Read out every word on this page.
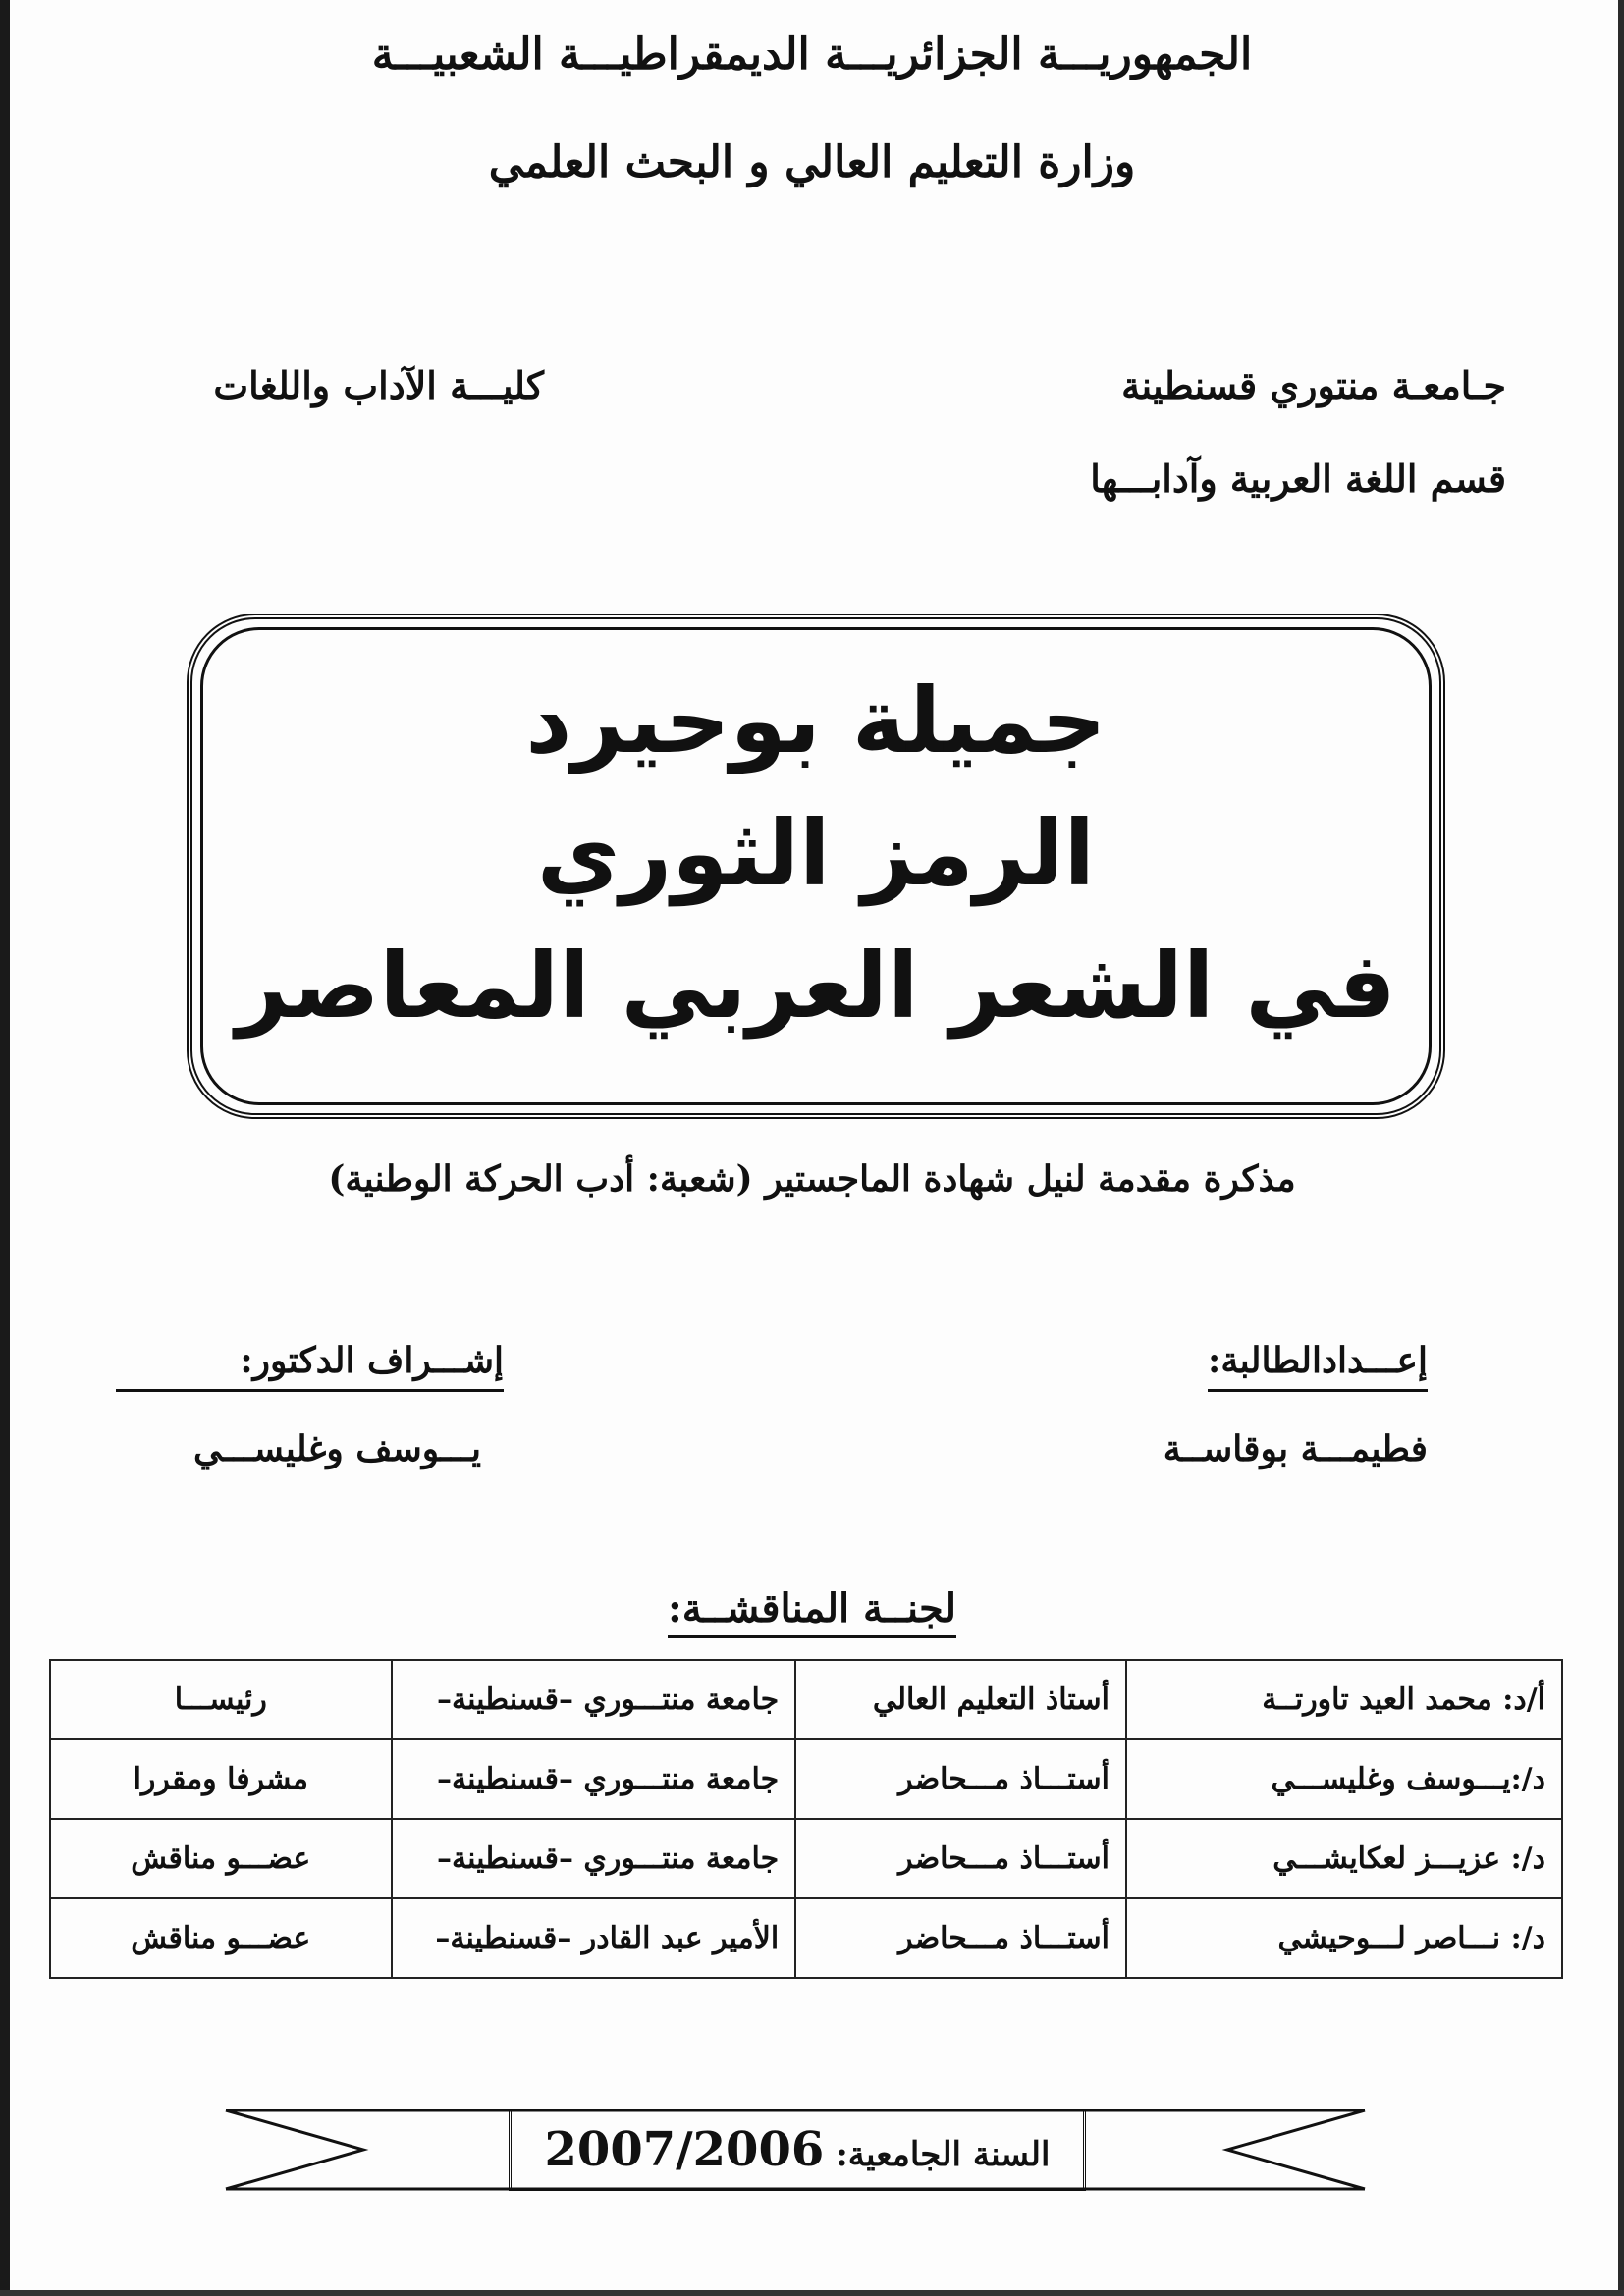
الجمهوريـــة الجزائريـــة الديمقراطيـــة الشعبيـــة
وزارة التعليم العالي و البحث العلمي
جـامعـة منتوري قسنطينة
كليـــة الآداب واللغات
قسم اللغة العربية وآدابـــها
جميلة بوحيرد
الرمز الثوري
في الشعر العربي المعاصر
مذكرة مقدمة لنيل شهادة الماجستير (شعبة: أدب الحركة الوطنية)
إعـــدادالطالبة:
فطيمـــة بوقاســة
إشـــراف الدكتور:
يـــوسف وغليســـي
لجنــة المناقشــة:
أ/د: محمد العيد تاورتــة	أستاذ التعليم العالي	جامعة منتـــوري –قسنطينة–	رئيســـا
د/:يـــوسف وغليســـي	أستـــاذ مـــحاضر	جامعة منتـــوري –قسنطينة–	مشرفا ومقررا
د/: عزيـــز لعكايشـــي	أستـــاذ مـــحاضر	جامعة منتـــوري –قسنطينة–	عضـــو مناقش
د/: نـــاصر لـــوحيشي	أستـــاذ مـــحاضر	الأمير عبد القادر –قسنطينة–	عضـــو مناقش
السنة الجامعية:2007/2006
